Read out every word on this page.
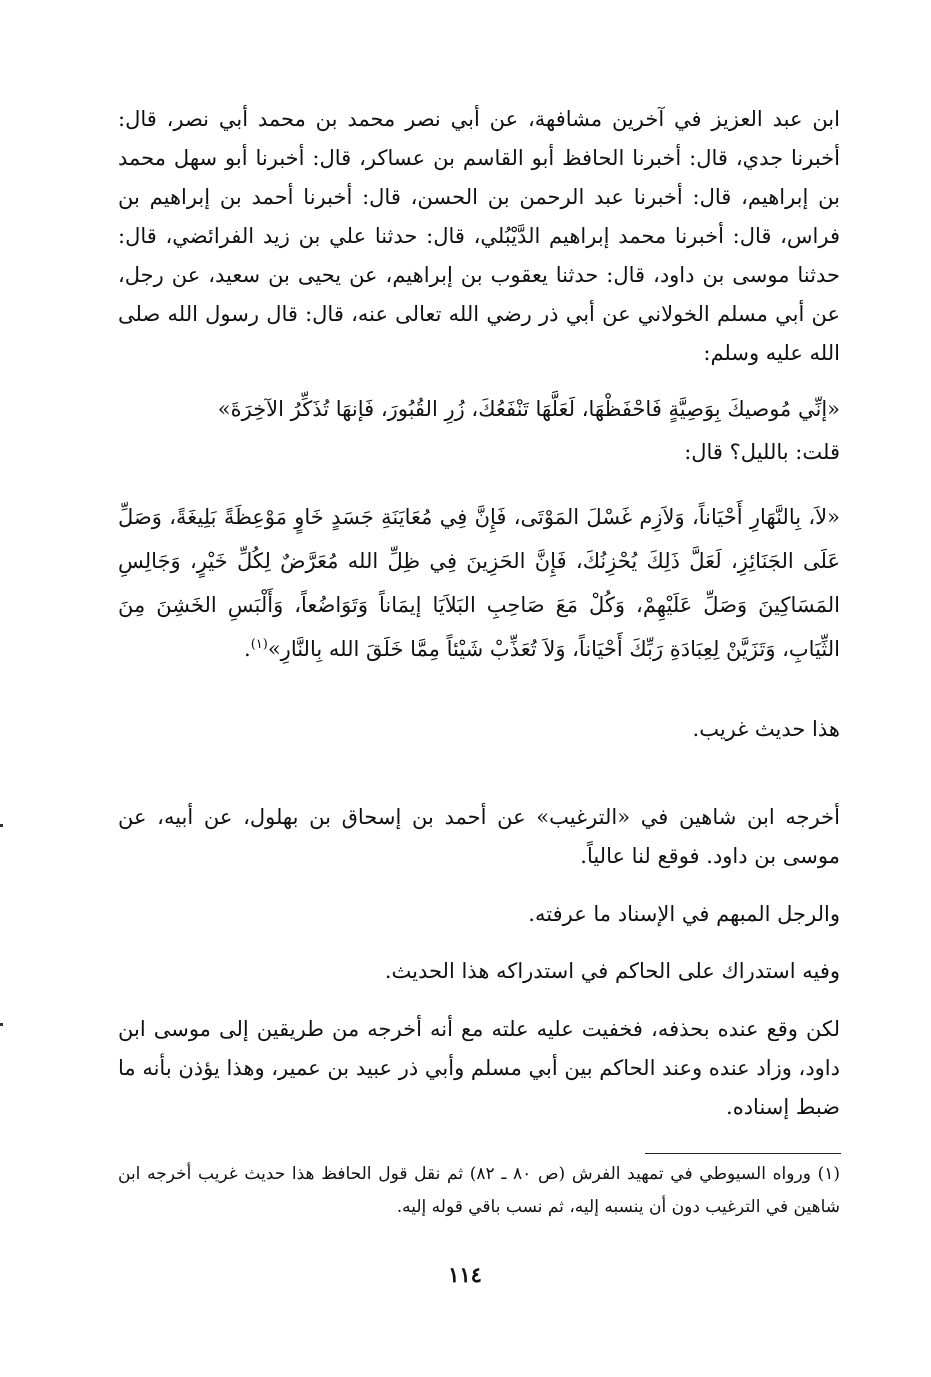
ابن عبد العزيز في آخرين مشافهة، عن أبي نصر محمد بن محمد أبي نصر، قال: أخبرنا جدي، قال: أخبرنا الحافظ أبو القاسم بن عساكر، قال: أخبرنا أبو سهل محمد بن إبراهيم، قال: أخبرنا عبد الرحمن بن الحسن، قال: أخبرنا أحمد بن إبراهيم بن فراس، قال: أخبرنا محمد إبراهيم الدَّيْبُلي، قال: حدثنا علي بن زيد الفرائضي، قال: حدثنا موسى بن داود، قال: حدثنا يعقوب بن إبراهيم، عن يحيى بن سعيد، عن رجل، عن أبي مسلم الخولاني عن أبي ذر رضي الله تعالى عنه، قال: قال رسول الله صلى الله عليه وسلم:

«إنِّي مُوصيكَ بِوَصِيَّةٍ فَاحْفَظْهَا، لَعَلَّهَا تَنْفَعُكَ، زُرِ القُبُورَ، فَإنهَا تُذَكِّرُ الآخِرَةَ»

قلت: بالليل؟ قال:

«لاَ، بِالنَّهَارِ أَحْيَاناً، وَلاَزِم غَسْلَ المَوْتَى، فَإِنَّ فِي مُعَايَنَةِ جَسَدٍ خَاوٍ مَوْعِظَةً بَلِيغَةً، وَصَلِّ عَلَى الجَنَائِزِ، لَعَلَّ ذَلِكَ يُحْزِنُكَ، فَإِنَّ الحَزِينَ فِي ظِلِّ الله مُعَرَّضٌ لِكُلِّ خَيْرٍ، وَجَالِسِ المَسَاكِينَ وَصَلِّ عَلَيْهِمْ، وَكُلْ مَعَ صَاحِبِ البَلاَيَا إيمَاناً وَتَوَاضُعاً، وَأَلْبَسِ الخَشِنَ مِنَ الثِّيَابِ، وَتَزَيَّنْ لِعِبَادَةِ رَبِّكَ أَحْيَاناً، وَلاَ تُعَذِّبْ شَيْئاً مِمَّا خَلَقَ الله بِالنَّارِ»$^{(١)}$.

هذا حديث غريب.

أخرجه ابن شاهين في «الترغيب» عن أحمد بن إسحاق بن بهلول، عن أبيه، عن موسى بن داود. فوقع لنا عالياً.

والرجل المبهم في الإسناد ما عرفته.

وفيه استدراك على الحاكم في استدراكه هذا الحديث.

لكن وقع عنده بحذفه، فخفيت عليه علته مع أنه أخرجه من طريقين إلى موسى ابن داود، وزاد عنده وعند الحاكم بين أبي مسلم وأبي ذر عبيد بن عمير، وهذا يؤذن بأنه ما ضبط إسناده.

(١) ورواه السيوطي في تمهيد الفرش (ص ٨٠ ـ ٨٢) ثم نقل قول الحافظ هذا حديث غريب أخرجه ابن شاهين في الترغيب دون أن ينسبه إليه، ثم نسب باقي قوله إليه.

١١٤
